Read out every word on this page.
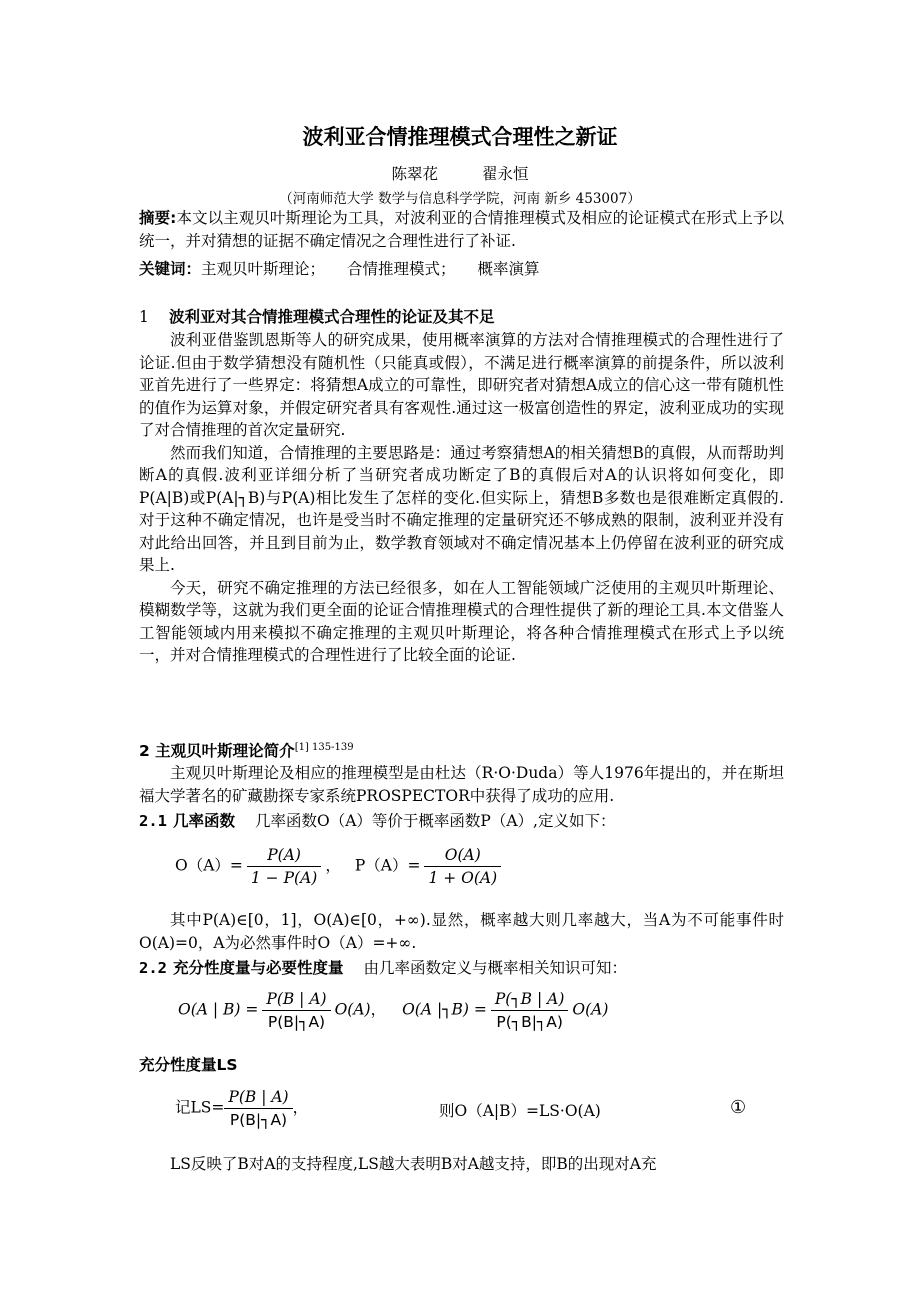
波利亚合情推理模式合理性之新证
陈翠花	翟永恒
（河南师范大学 数学与信息科学学院，河南 新乡 453007）
摘要:本文以主观贝叶斯理论为工具，对波利亚的合情推理模式及相应的论证模式在形式上予以统一，并对猜想的证据不确定情况之合理性进行了补证.
关键词：主观贝叶斯理论； 合情推理模式； 概率演算
1 波利亚对其合情推理模式合理性的论证及其不足

波利亚借鉴凯恩斯等人的研究成果，使用概率演算的方法对合情推理模式的合理性进行了论证.但由于数学猜想没有随机性（只能真或假），不满足进行概率演算的前提条件，所以波利亚首先进行了一些界定：将猜想A成立的可靠性，即研究者对猜想A成立的信心这一带有随机性的值作为运算对象，并假定研究者具有客观性.通过这一极富创造性的界定，波利亚成功的实现了对合情推理的首次定量研究.

然而我们知道，合情推理的主要思路是：通过考察猜想A的相关猜想B的真假，从而帮助判断A的真假.波利亚详细分析了当研究者成功断定了B的真假后对A的认识将如何变化，即P(A|B)或P(A|┐B)与P(A)相比发生了怎样的变化.但实际上，猜想B多数也是很难断定真假的.对于这种不确定情况，也许是受当时不确定推理的定量研究还不够成熟的限制，波利亚并没有对此给出回答，并且到目前为止，数学教育领域对不确定情况基本上仍停留在波利亚的研究成果上.

今天，研究不确定推理的方法已经很多，如在人工智能领域广泛使用的主观贝叶斯理论、模糊数学等，这就为我们更全面的论证合情推理模式的合理性提供了新的理论工具.本文借鉴人工智能领域内用来模拟不确定推理的主观贝叶斯理论，将各种合情推理模式在形式上予以统一，并对合情推理模式的合理性进行了比较全面的论证.

2 主观贝叶斯理论简介$^{[1] 135-139}$

主观贝叶斯理论及相应的推理模型是由杜达（R·O·Duda）等人1976年提出的，并在斯坦福大学著名的矿藏勘探专家系统PROSPECTOR中获得了成功的应用.

2.1 几率函数 几率函数O（A）等价于概率函数P（A）,定义如下：
$O(A)= \frac{P(A)}{1 - P(A)}$ ， $P(A)= \frac{O(A)}{1 + O(A)}$

其中P(A)∈[0，1]，O(A)∈[0，+∞).显然，概率越大则几率越大，当A为不可能事件时O(A)=0，A为必然事件时O（A）=+∞.

2.2 充分性度量与必要性度量 由几率函数定义与概率相关知识可知：
O(A | $B) = \frac{P(B | A)}{P(B|┐A)} O(A)$， O(A |┐B) = $\frac{P(┐B | A)}{P(┐B|┐A)} O(A)$
充分性度量LS
记$LS= \frac{P(B | A)}{P(B|┐A)}$ ，	则O（A|B）=LS·O(A)	①

LS反映了B对A的支持程度,LS越大表明B对A越支持，即B的出现对A充
